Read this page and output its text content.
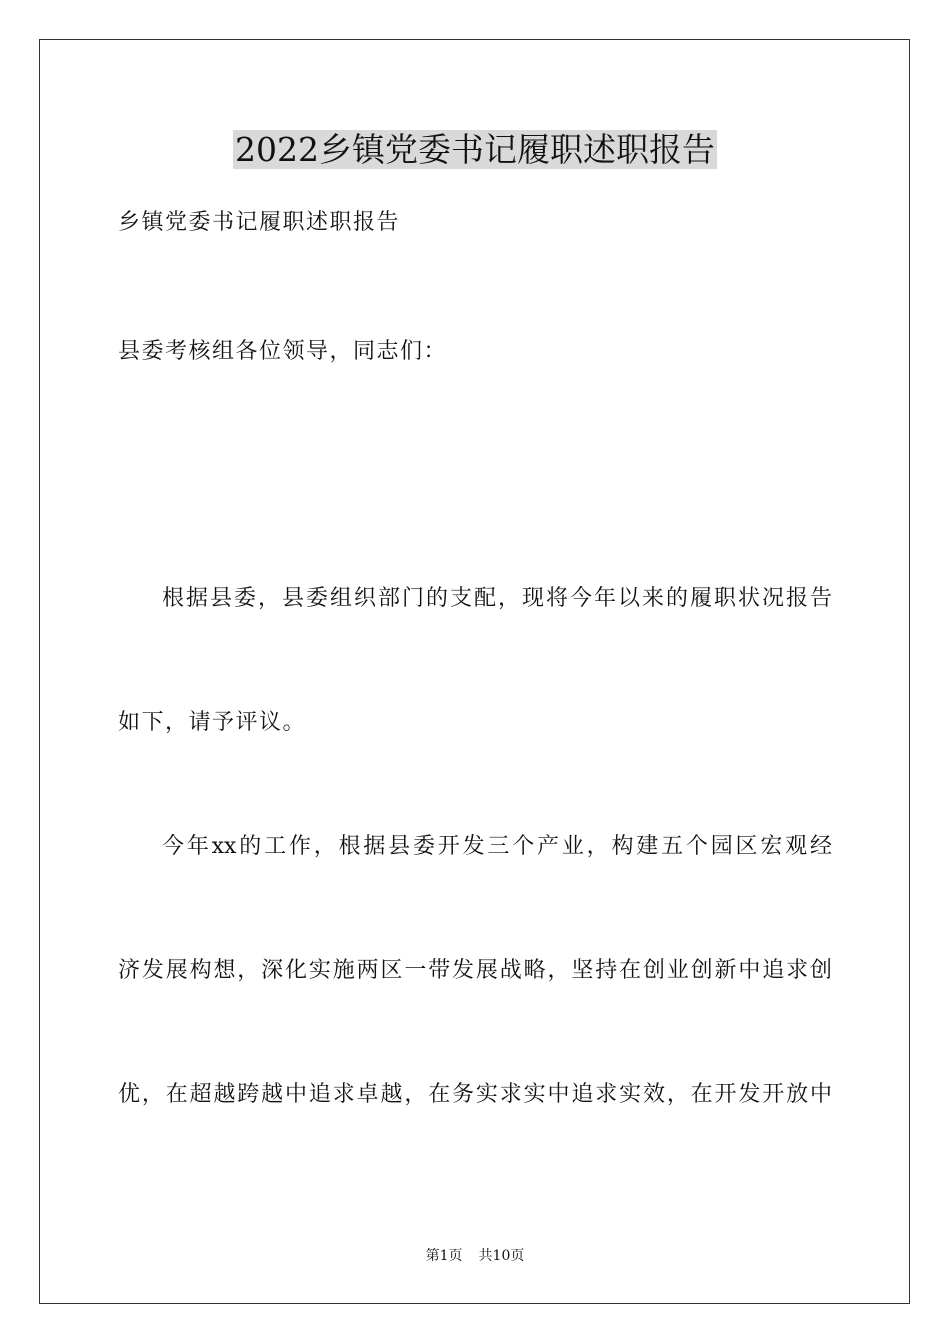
2022乡镇党委书记履职述职报告
乡镇党委书记履职述职报告
县委考核组各位领导，同志们：
根据县委，县委组织部门的支配，现将今年以来的履职状况报告
如下，请予评议。
今年xx的工作，根据县委开发三个产业，构建五个园区宏观经
济发展构想，深化实施两区一带发展战略，坚持在创业创新中追求创
优，在超越跨越中追求卓越，在务实求实中追求实效，在开发开放中
第1页 共10页
